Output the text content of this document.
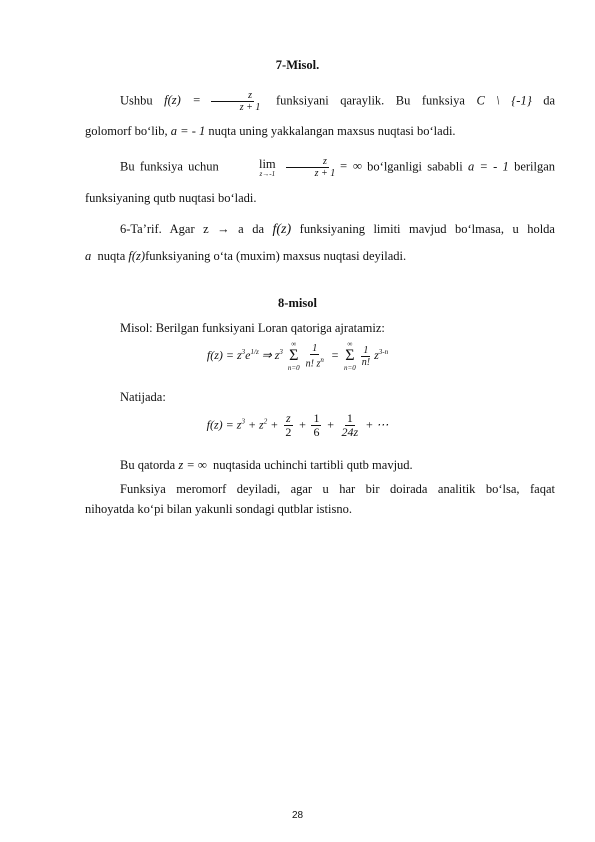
7-Misol.
Ushbu $f(z) = \frac{z}{z + 1}$ funksiyani qaraylik. Bu funksiya C \ {-1} da
golomorf bo‘lib, a = - 1 nuqta uning yakkalangan maxsus nuqtasi bo‘ladi.
Bu funksiya uchun	lim
$z\to-1 \frac{z}{z + 1}$ = ∞ bo‘lganligi sababli a = - 1 berilgan
funksiyaning qutb nuqtasi bo‘ladi.
6-Ta’rif. Agar z → a da f(z) funksiyaning limiti mavjud bo‘lmasa, u holda
a nuqta f(z)funksiyaning o‘ta (muxim) maxsus nuqtasi deyiladi.
8-misol
Misol: Berilgan funksiyani Loran qatoriga ajratamiz:
$f(z) = z^3e^{1/z}$ ⇒ $z^3$
∞
Σ
$n=0 \frac{1}{n! z^n}$ =
∞
Σ
n=0
$\frac{1}{n!} z^{3-n}$
Natijada:
$f(z) = z^3 + z^2 + \frac{z}{2} + \frac{1}{6} + \frac{1}{24z}$ + ⋯
Bu qatorda z = ∞ nuqtasida uchinchi tartibli qutb mavjud.
Funksiya meromorf deyiladi, agar u har bir doirada analitik bo‘lsa, faqat
nihoyatda ko‘pi bilan yakunli sondagi qutblar istisno.
28
